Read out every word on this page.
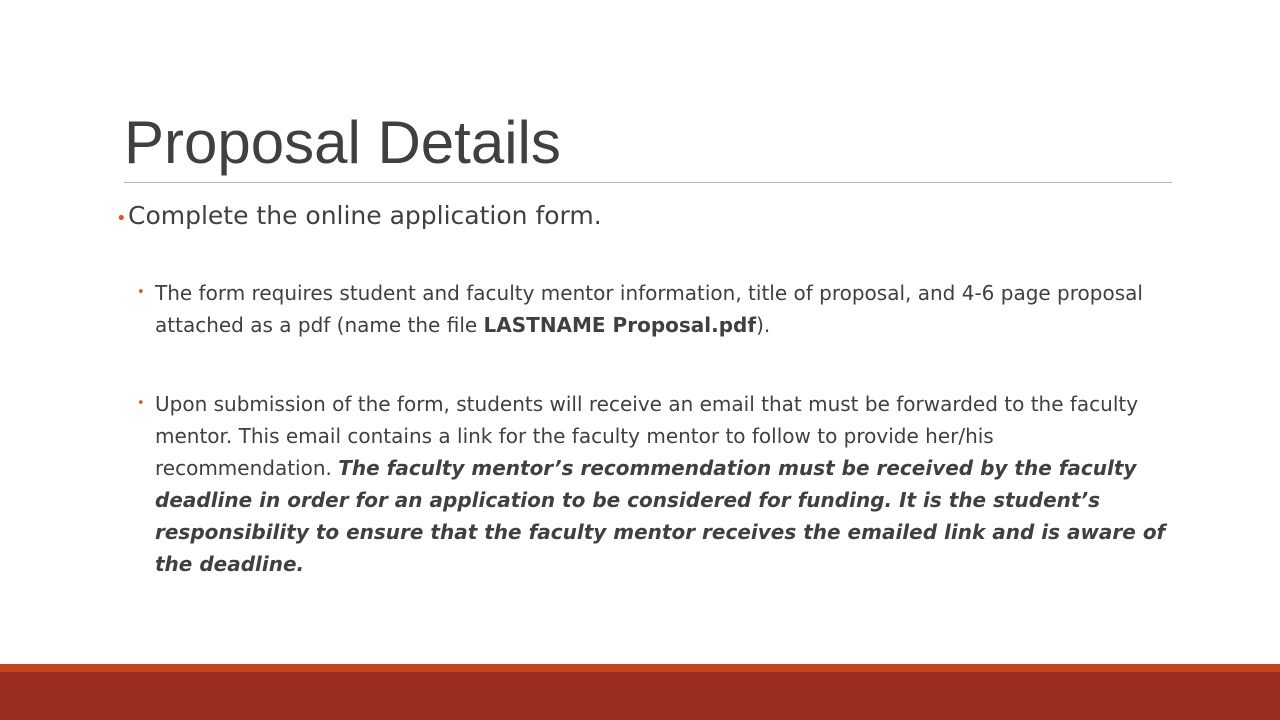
Proposal Details
•Complete the online application form.
• The form requires student and faculty mentor information, title of proposal, and 4-6 page proposal attached as a pdf (name the file LASTNAME Proposal.pdf).
• Upon submission of the form, students will receive an email that must be forwarded to the faculty mentor. This email contains a link for the faculty mentor to follow to provide her/his recommendation. The faculty mentor’s recommendation must be received by the faculty deadline in order for an application to be considered for funding. It is the student’s responsibility to ensure that the faculty mentor receives the emailed link and is aware of the deadline.
